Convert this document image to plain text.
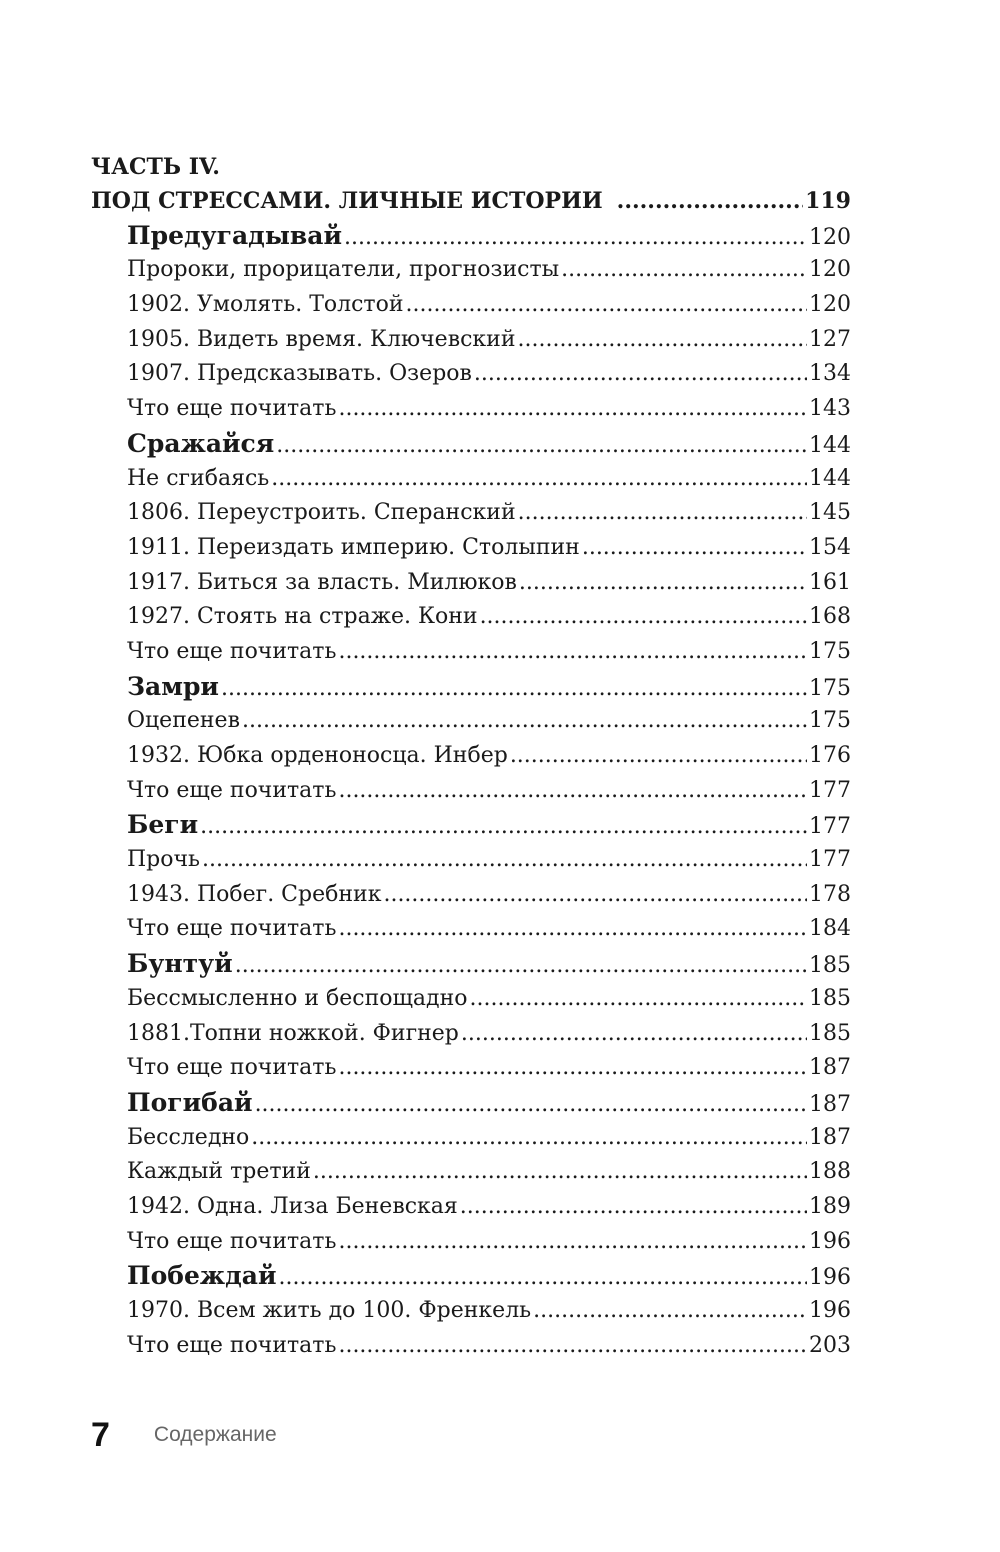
ЧАСТЬ IV.
ПОД СТРЕССАМИ. ЛИЧНЫЕ ИСТОРИИ .....	119
Предугадывай .....	120
Пророки, прорицатели, прогнозисты .....	120
1902. Умолять. Толстой .....	120
1905. Видеть время. Ключевский .....	127
1907. Предсказывать. Озеров .....	134
Что еще почитать .....	143
Сражайся .....	144
Не сгибаясь .....	144
1806. Переустроить. Сперанский .....	145
1911. Переиздать империю. Столыпин .....	154
1917. Биться за власть. Милюков .....	161
1927. Стоять на страже. Кони .....	168
Что еще почитать .....	175
Замри .....	175
Оцепенев .....	175
1932. Юбка орденоносца. Инбер .....	176
Что еще почитать .....	177
Беги .....	177
Прочь .....	177
1943. Побег. Сребник .....	178
Что еще почитать .....	184
Бунтуй .....	185
Бессмысленно и беспощадно .....	185
1881.Топни ножкой. Фигнер .....	185
Что еще почитать .....	187
Погибай .....	187
Бесследно .....	187
Каждый третий .....	188
1942. Одна. Лиза Беневская .....	189
Что еще почитать .....	196
Побеждай .....	196
1970. Всем жить до 100. Френкель .....	196
Что еще почитать .....	203
7 Содержание
